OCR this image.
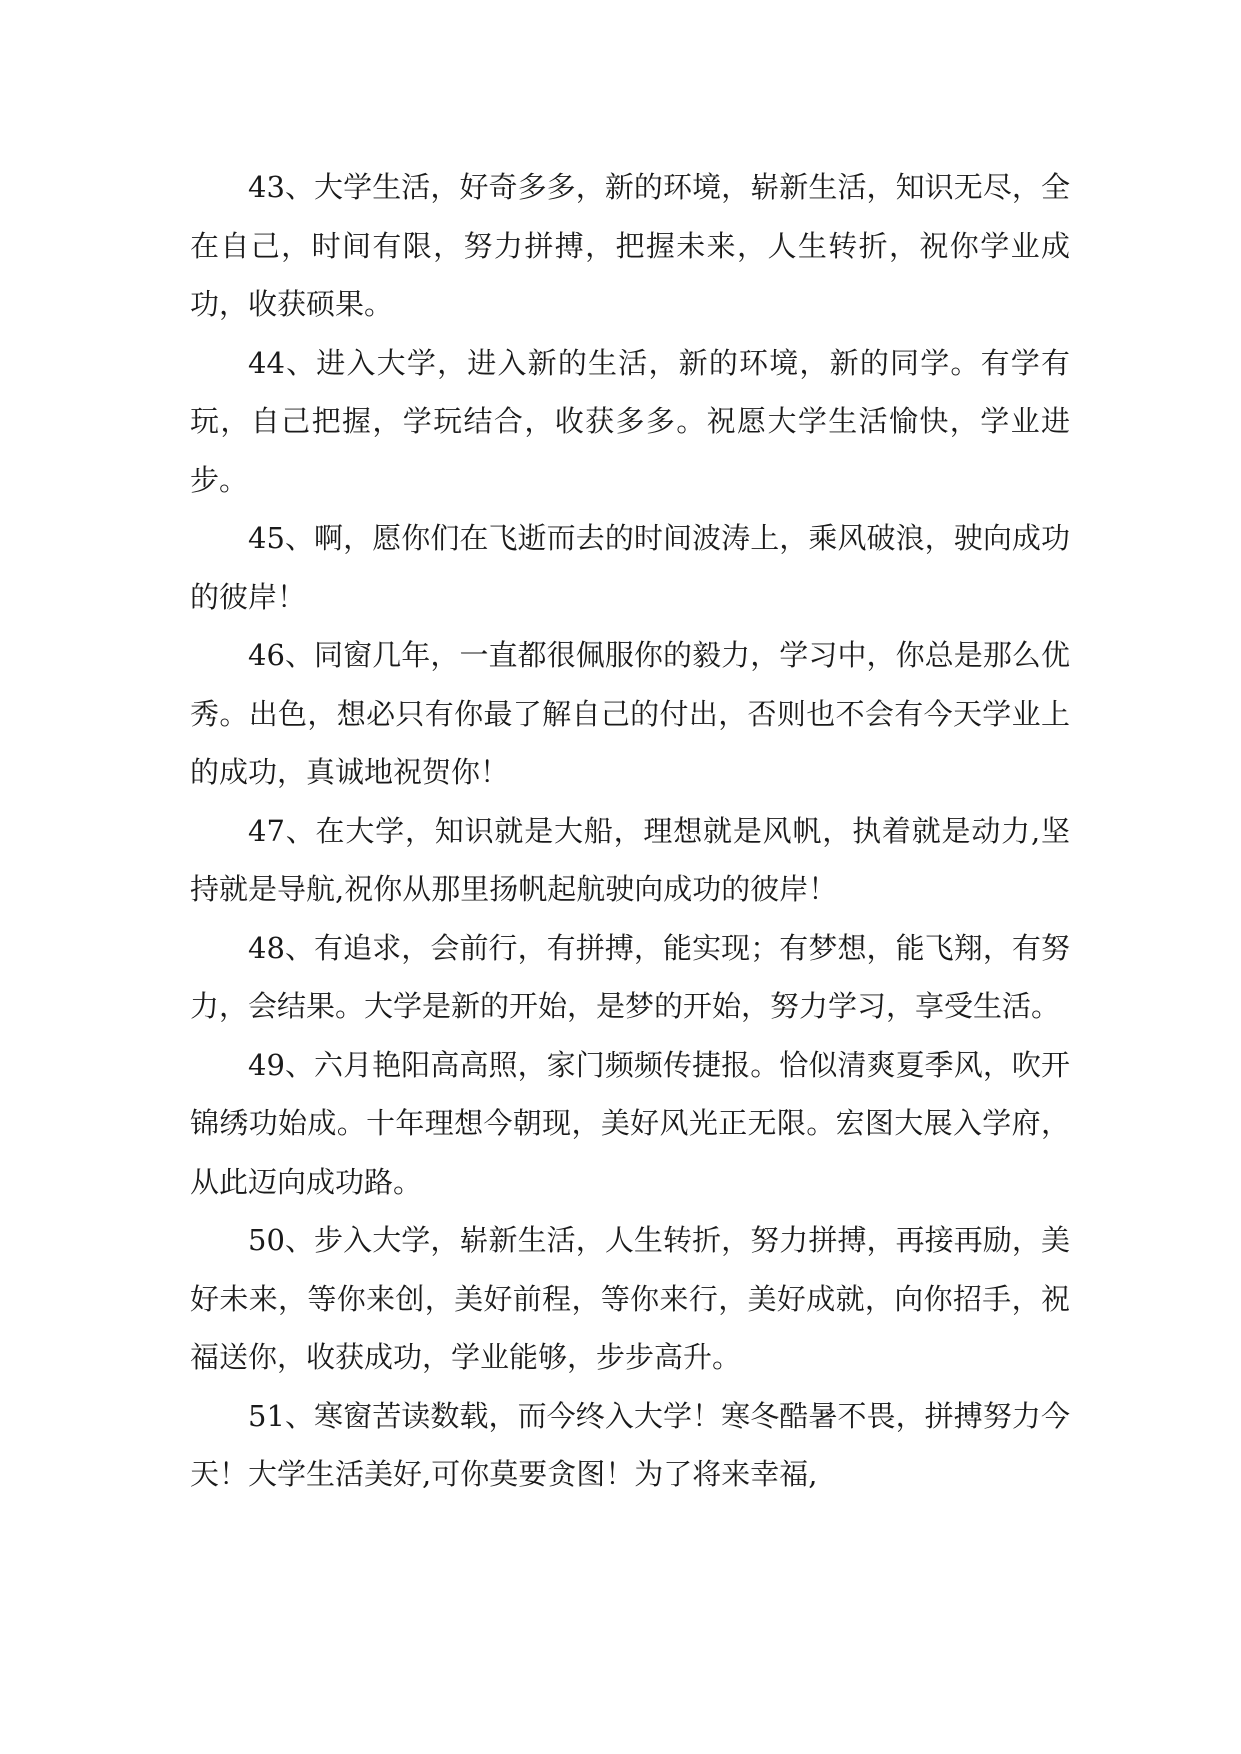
43、大学生活，好奇多多，新的环境，崭新生活，知识无尽，全在自己，时间有限，努力拼搏，把握未来，人生转折，祝你学业成功，收获硕果。

44、进入大学，进入新的生活，新的环境，新的同学。有学有玩，自己把握，学玩结合，收获多多。祝愿大学生活愉快，学业进步。

45、啊，愿你们在飞逝而去的时间波涛上，乘风破浪，驶向成功的彼岸！

46、同窗几年，一直都很佩服你的毅力，学习中，你总是那么优秀。出色，想必只有你最了解自己的付出，否则也不会有今天学业上的成功，真诚地祝贺你！

47、在大学，知识就是大船，理想就是风帆，执着就是动力,坚持就是导航,祝你从那里扬帆起航驶向成功的彼岸！

48、有追求，会前行，有拼搏，能实现；有梦想，能飞翔，有努力，会结果。大学是新的开始，是梦的开始，努力学习，享受生活。

49、六月艳阳高高照，家门频频传捷报。恰似清爽夏季风，吹开锦绣功始成。十年理想今朝现，美好风光正无限。宏图大展入学府，从此迈向成功路。

50、步入大学，崭新生活，人生转折，努力拼搏，再接再励，美好未来，等你来创，美好前程，等你来行，美好成就，向你招手，祝福送你，收获成功，学业能够，步步高升。

51、寒窗苦读数载，而今终入大学！寒冬酷暑不畏，拼搏努力今天！大学生活美好,可你莫要贪图！为了将来幸福,
